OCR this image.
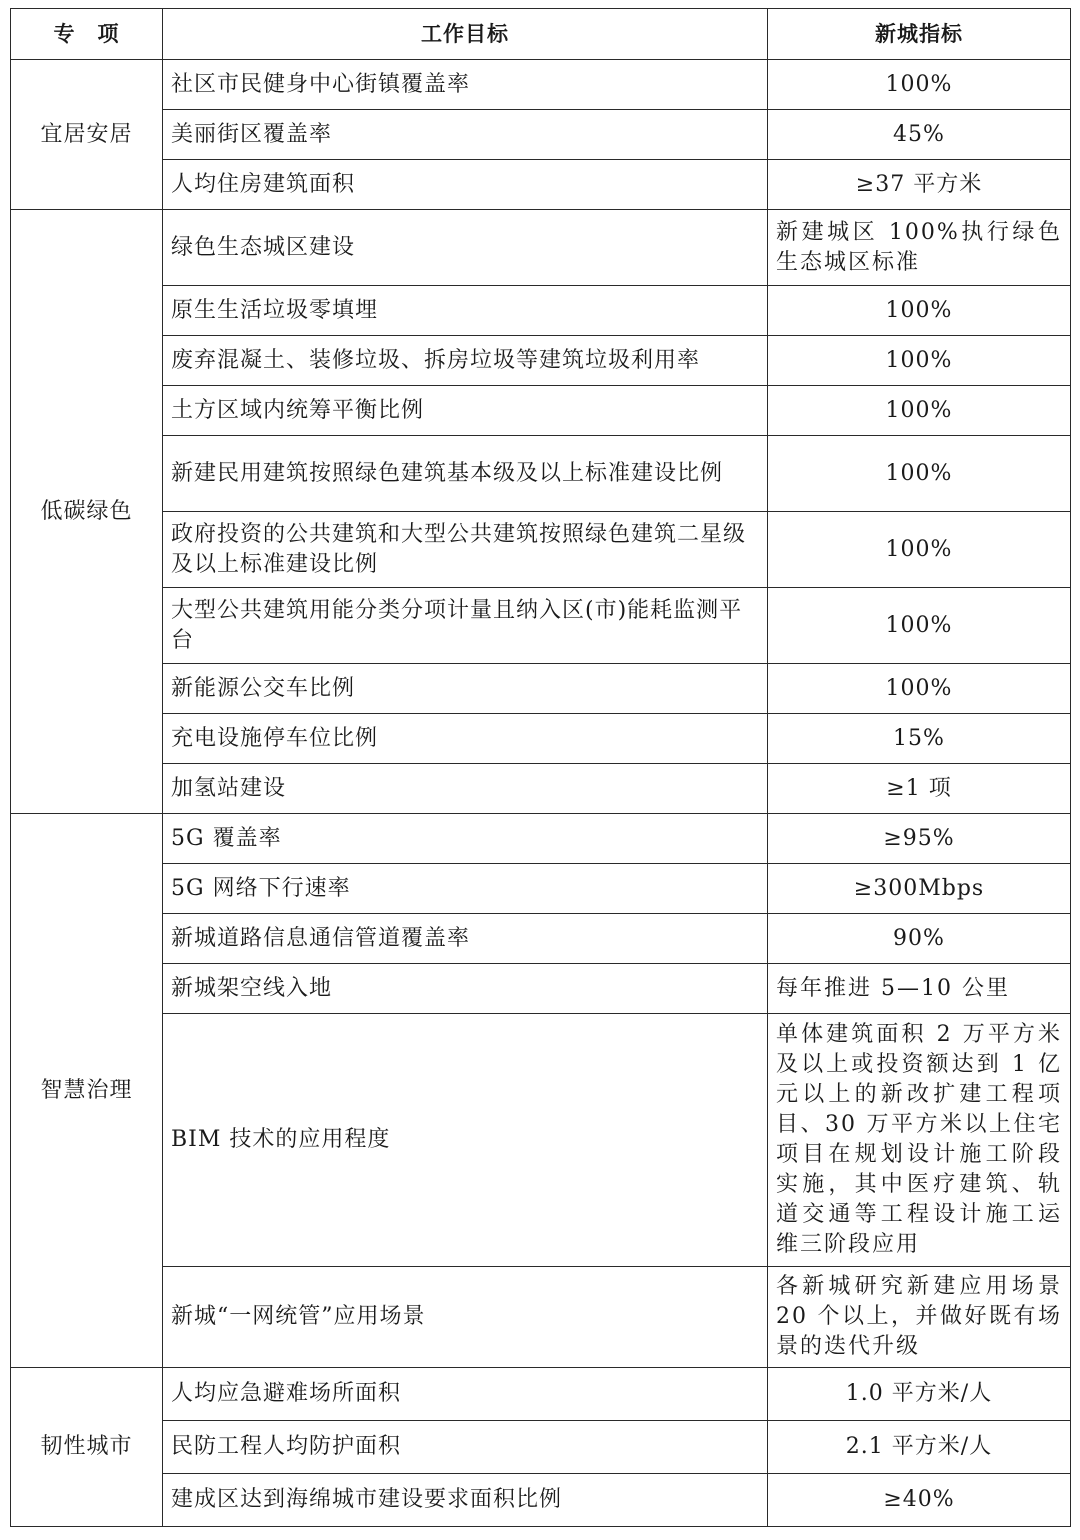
专　项	工作目标	新城指标
宜居安居	社区市民健身中心街镇覆盖率	100%
	美丽街区覆盖率	45%
	人均住房建筑面积	≥37 平方米
低碳绿色	绿色生态城区建设	新建城区 100%执行绿色生态城区标准
	原生生活垃圾零填埋	100%
	废弃混凝土、装修垃圾、拆房垃圾等建筑垃圾利用率	100%
	土方区域内统筹平衡比例	100%
	新建民用建筑按照绿色建筑基本级及以上标准建设比例	100%
	政府投资的公共建筑和大型公共建筑按照绿色建筑二星级及以上标准建设比例	100%
	大型公共建筑用能分类分项计量且纳入区(市)能耗监测平台	100%
	新能源公交车比例	100%
	充电设施停车位比例	15%
	加氢站建设	≥1 项
智慧治理	5G 覆盖率	≥95%
	5G 网络下行速率	≥300Mbps
	新城道路信息通信管道覆盖率	90%
	新城架空线入地	每年推进 5—10 公里
	BIM 技术的应用程度	单体建筑面积 2 万平方米及以上或投资额达到 1 亿元以上的新改扩建工程项目、30 万平方米以上住宅项目在规划设计施工阶段实施，其中医疗建筑、轨道交通等工程设计施工运维三阶段应用
	新城“一网统管”应用场景	各新城研究新建应用场景 20 个以上，并做好既有场景的迭代升级
韧性城市	人均应急避难场所面积	1.0 平方米/人
	民防工程人均防护面积	2.1 平方米/人
	建成区达到海绵城市建设要求面积比例	≥40%
